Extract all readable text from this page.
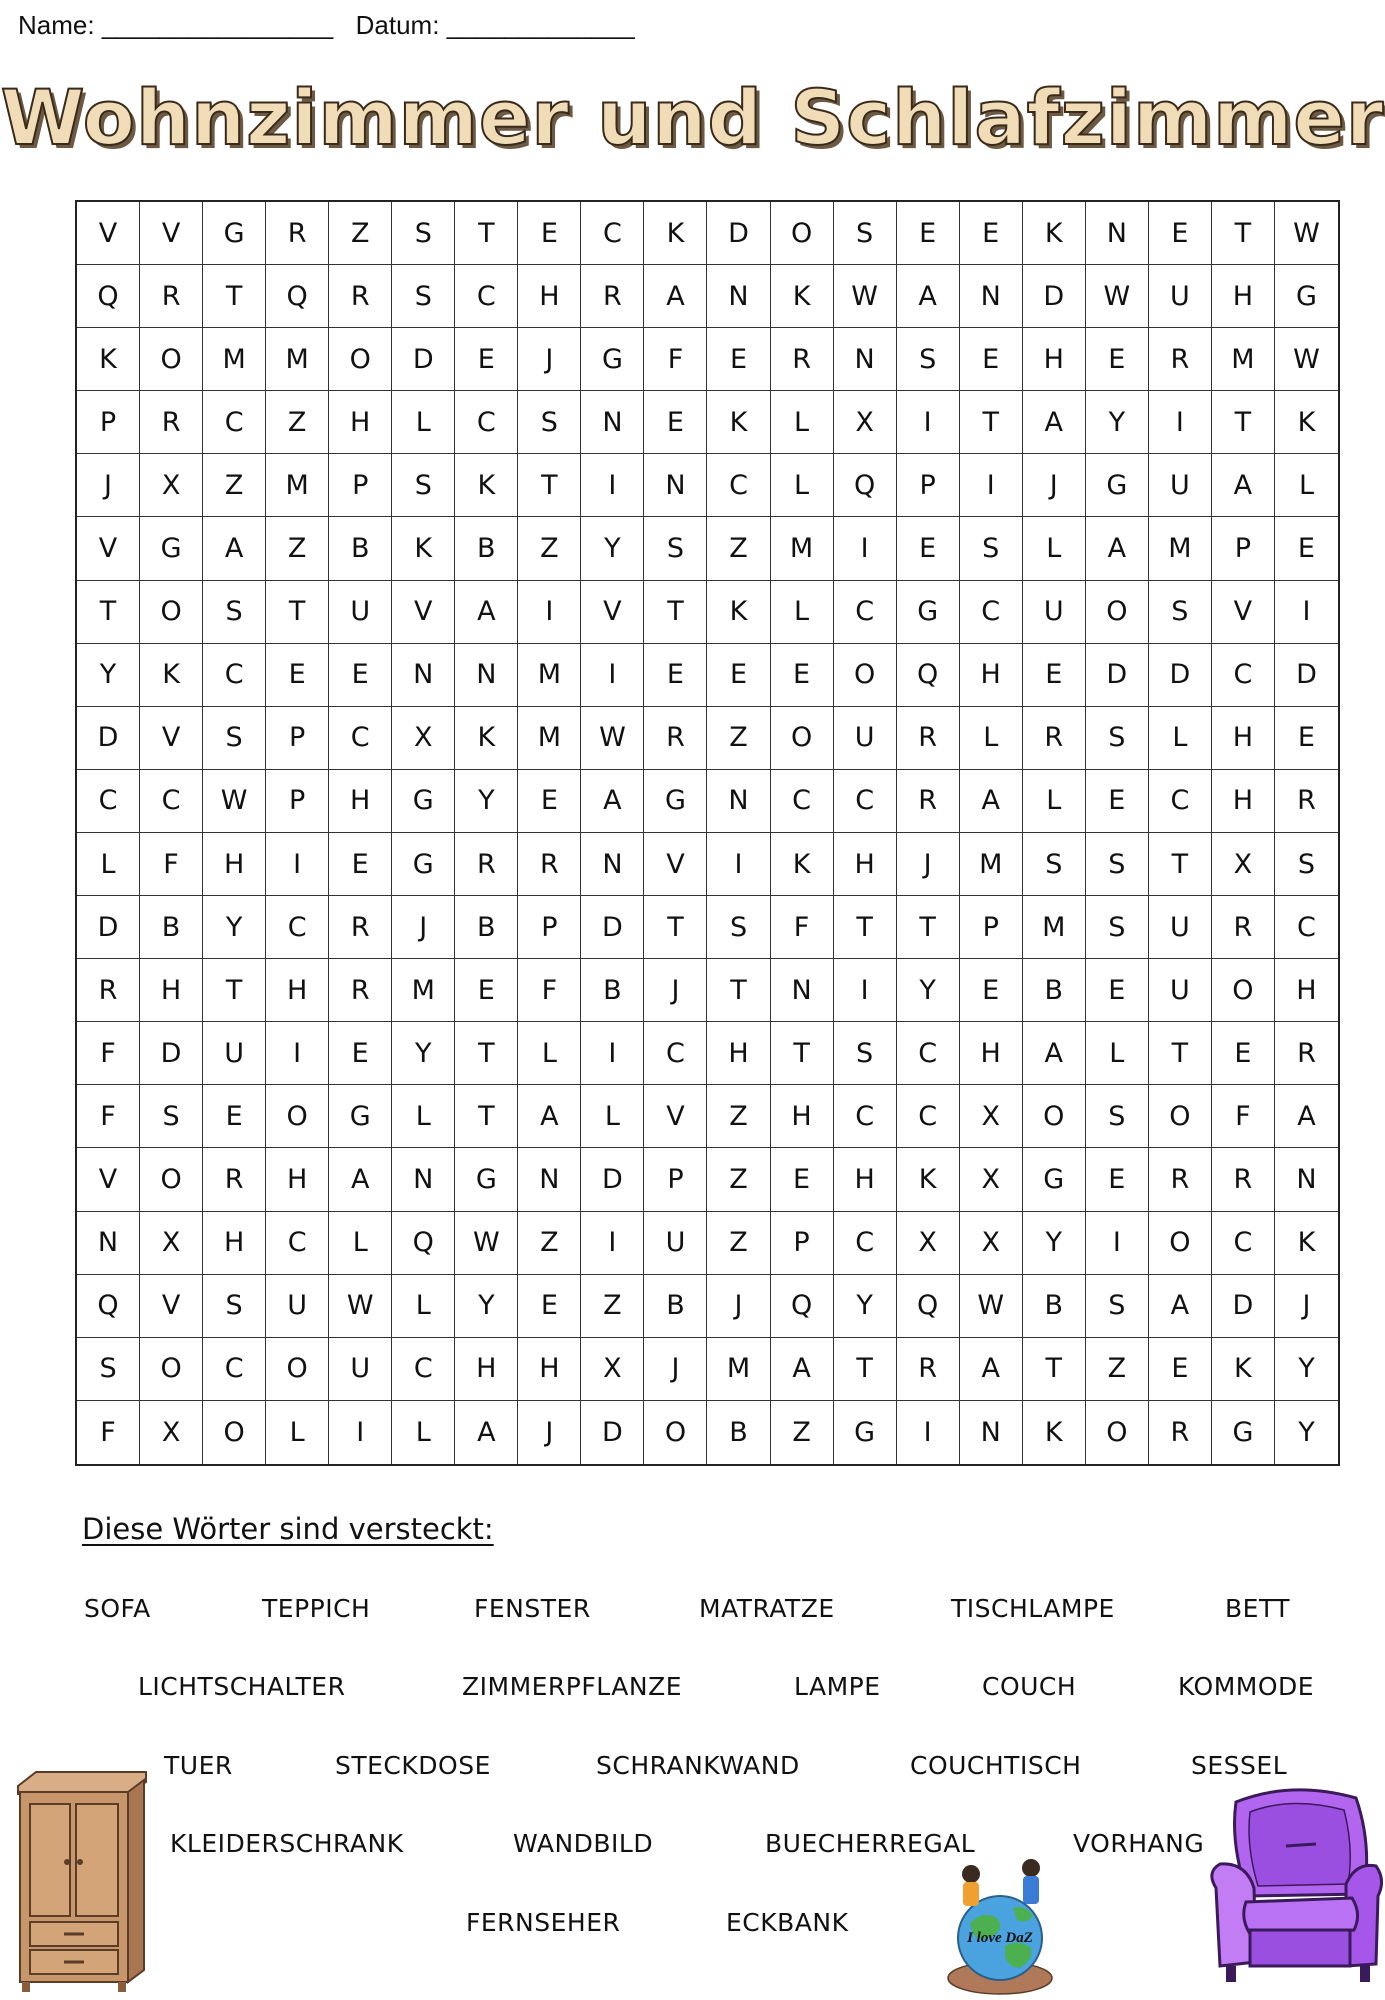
Name: ________________ Datum: _____________
Wohnzimmer und Schlafzimmer
V	V	G	R	Z	S	T	E	C	K	D	O	S	E	E	K	N	E	T	W
Q	R	T	Q	R	S	C	H	R	A	N	K	W	A	N	D	W	U	H	G
K	O	M	M	O	D	E	J	G	F	E	R	N	S	E	H	E	R	M	W
P	R	C	Z	H	L	C	S	N	E	K	L	X	I	T	A	Y	I	T	K
J	X	Z	M	P	S	K	T	I	N	C	L	Q	P	I	J	G	U	A	L
V	G	A	Z	B	K	B	Z	Y	S	Z	M	I	E	S	L	A	M	P	E
T	O	S	T	U	V	A	I	V	T	K	L	C	G	C	U	O	S	V	I
Y	K	C	E	E	N	N	M	I	E	E	E	O	Q	H	E	D	D	C	D
D	V	S	P	C	X	K	M	W	R	Z	O	U	R	L	R	S	L	H	E
C	C	W	P	H	G	Y	E	A	G	N	C	C	R	A	L	E	C	H	R
L	F	H	I	E	G	R	R	N	V	I	K	H	J	M	S	S	T	X	S
D	B	Y	C	R	J	B	P	D	T	S	F	T	T	P	M	S	U	R	C
R	H	T	H	R	M	E	F	B	J	T	N	I	Y	E	B	E	U	O	H
F	D	U	I	E	Y	T	L	I	C	H	T	S	C	H	A	L	T	E	R
F	S	E	O	G	L	T	A	L	V	Z	H	C	C	X	O	S	O	F	A
V	O	R	H	A	N	G	N	D	P	Z	E	H	K	X	G	E	R	R	N
N	X	H	C	L	Q	W	Z	I	U	Z	P	C	X	X	Y	I	O	C	K
Q	V	S	U	W	L	Y	E	Z	B	J	Q	Y	Q	W	B	S	A	D	J
S	O	C	O	U	C	H	H	X	J	M	A	T	R	A	T	Z	E	K	Y
F	X	O	L	I	L	A	J	D	O	B	Z	G	I	N	K	O	R	G	Y
Diese Wörter sind versteckt:
SOFA	TEPPICH	FENSTER	MATRATZE	TISCHLAMPE	BETT
LICHTSCHALTER	ZIMMERPFLANZE	LAMPE	COUCH	KOMMODE
TUER	STECKDOSE	SCHRANKWAND	COUCHTISCH	SESSEL
KLEIDERSCHRANK	WANDBILD	BUECHERREGAL	VORHANG
FERNSEHER	ECKBANK
I love DaZ
